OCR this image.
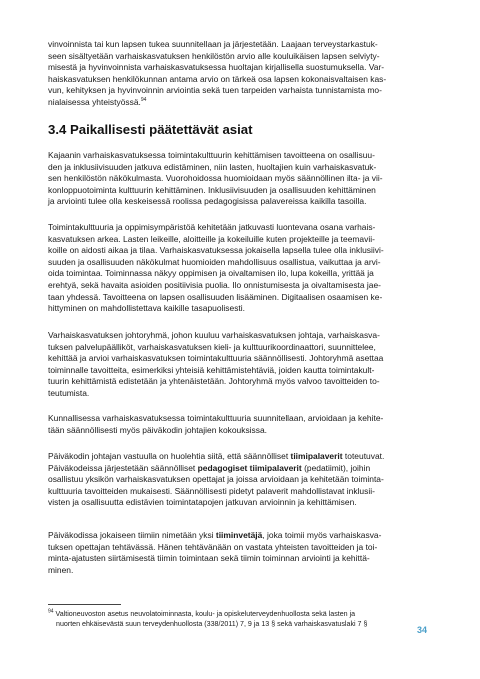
vinvoinnista tai kun lapsen tukea suunnitellaan ja järjestetään. Laajaan terveystarkastuk-
seen sisältyetään varhaiskasvatuksen henkilöstön arvio alle kouluikäisen lapsen selviyty-
misestä ja hyvinvoinnista varhaiskasvatuksessa huoltajan kirjallisella suostumuksella. Var-
haiskasvatuksen henkilökunnan antama arvio on tärkeä osa lapsen kokonaisvaltaisen kas-
vun, kehityksen ja hyvinvoinnin arviointia sekä tuen tarpeiden varhaista tunnistamista mo-
nialaisessa yhteistyössä.$^{94}$
3.4 Paikallisesti päätettävät asiat
Kajaanin varhaiskasvatuksessa toimintakulttuurin kehittämisen tavoitteena on osallisuu-
den ja inklusiivisuuden jatkuva edistäminen, niin lasten, huoltajien kuin varhaiskasvatuk-
sen henkilöstön näkökulmasta. Vuorohoidossa huomioidaan myös säännöllinen ilta- ja vii-
konloppuotoiminta kulttuurin kehittäminen. Inklusiivisuuden ja osallisuuden kehittäminen
ja arviointi tulee olla keskeisessä roolissa pedagogisissa palavereissa kaikilla tasoilla.
Toimintakulttuuria ja oppimisympäristöä kehitetään jatkuvasti luontevana osana varhais-
kasvatuksen arkea. Lasten leikeille, aloitteille ja kokeiluille kuten projekteille ja teemavii-
koille on aidosti aikaa ja tilaa. Varhaiskasvatuksessa jokaisella lapsella tulee olla inklusiivi-
suuden ja osallisuuden näkökulmat huomioiden mahdollisuus osallistua, vaikuttaa ja arvi-
oida toimintaa. Toiminnassa näkyy oppimisen ja oivaltamisen ilo, lupa kokeilla, yrittää ja
erehtyä, sekä havaita asioiden positiivisia puolia. Ilo onnistumisesta ja oivaltamisesta jae-
taan yhdessä. Tavoitteena on lapsen osallisuuden lisääminen. Digitaalisen osaamisen ke-
hittyminen on mahdollistettava kaikille tasapuolisesti.
Varhaiskasvatuksen johtoryhmä, johon kuuluu varhaiskasvatuksen johtaja, varhaiskasva-
tuksen palvelupäälliköt, varhaiskasvatuksen kieli- ja kulttuurikoordinaattori, suunnittelee,
kehittää ja arvioi varhaiskasvatuksen toimintakulttuuria säännöllisesti. Johtoryhmä asettaa
toiminnalle tavoitteita, esimerkiksi yhteisiä kehittämistehtäviä, joiden kautta toimintakult-
tuurin kehittämistä edistetään ja yhtenäistetään. Johtoryhmä myös valvoo tavoitteiden to-
teutumista.
Kunnallisessa varhaiskasvatuksessa toimintakulttuuria suunnitellaan, arvioidaan ja kehite-
tään säännöllisesti myös päiväkodin johtajien kokouksissa.
Päiväkodin johtajan vastuulla on huolehtia siitä, että säännölliset tiimipalaverit toteutuvat.
Päiväkodeissa järjestetään säännölliset pedagogiset tiimipalaverit (pedatiimit), joihin
osallistuu yksikön varhaiskasvatuksen opettajat ja joissa arvioidaan ja kehitetään toiminta-
kulttuuria tavoitteiden mukaisesti. Säännöllisesti pidetyt palaverit mahdollistavat inklusii-
visten ja osallisuutta edistävien toimintatapojen jatkuvan arvioinnin ja kehittämisen.
Päiväkodissa jokaiseen tiimiin nimetään yksi tiiminvetäjä, joka toimii myös varhaiskasva-
tuksen opettajan tehtävässä. Hänen tehtävänään on vastata yhteisten tavoitteiden ja toi-
minta-ajatusten siirtämisestä tiimin toimintaan sekä tiimin toiminnan arviointi ja kehittä-
minen.
$^{94}$ Valtioneuvoston asetus neuvolatoiminnasta, koulu- ja opiskeluterveydenhuollosta sekä lasten ja
nuorten ehkäisevästä suun terveydenhuollosta (338/2011) 7, 9 ja 13 § sekä varhaiskasvatuslaki 7 §
34
